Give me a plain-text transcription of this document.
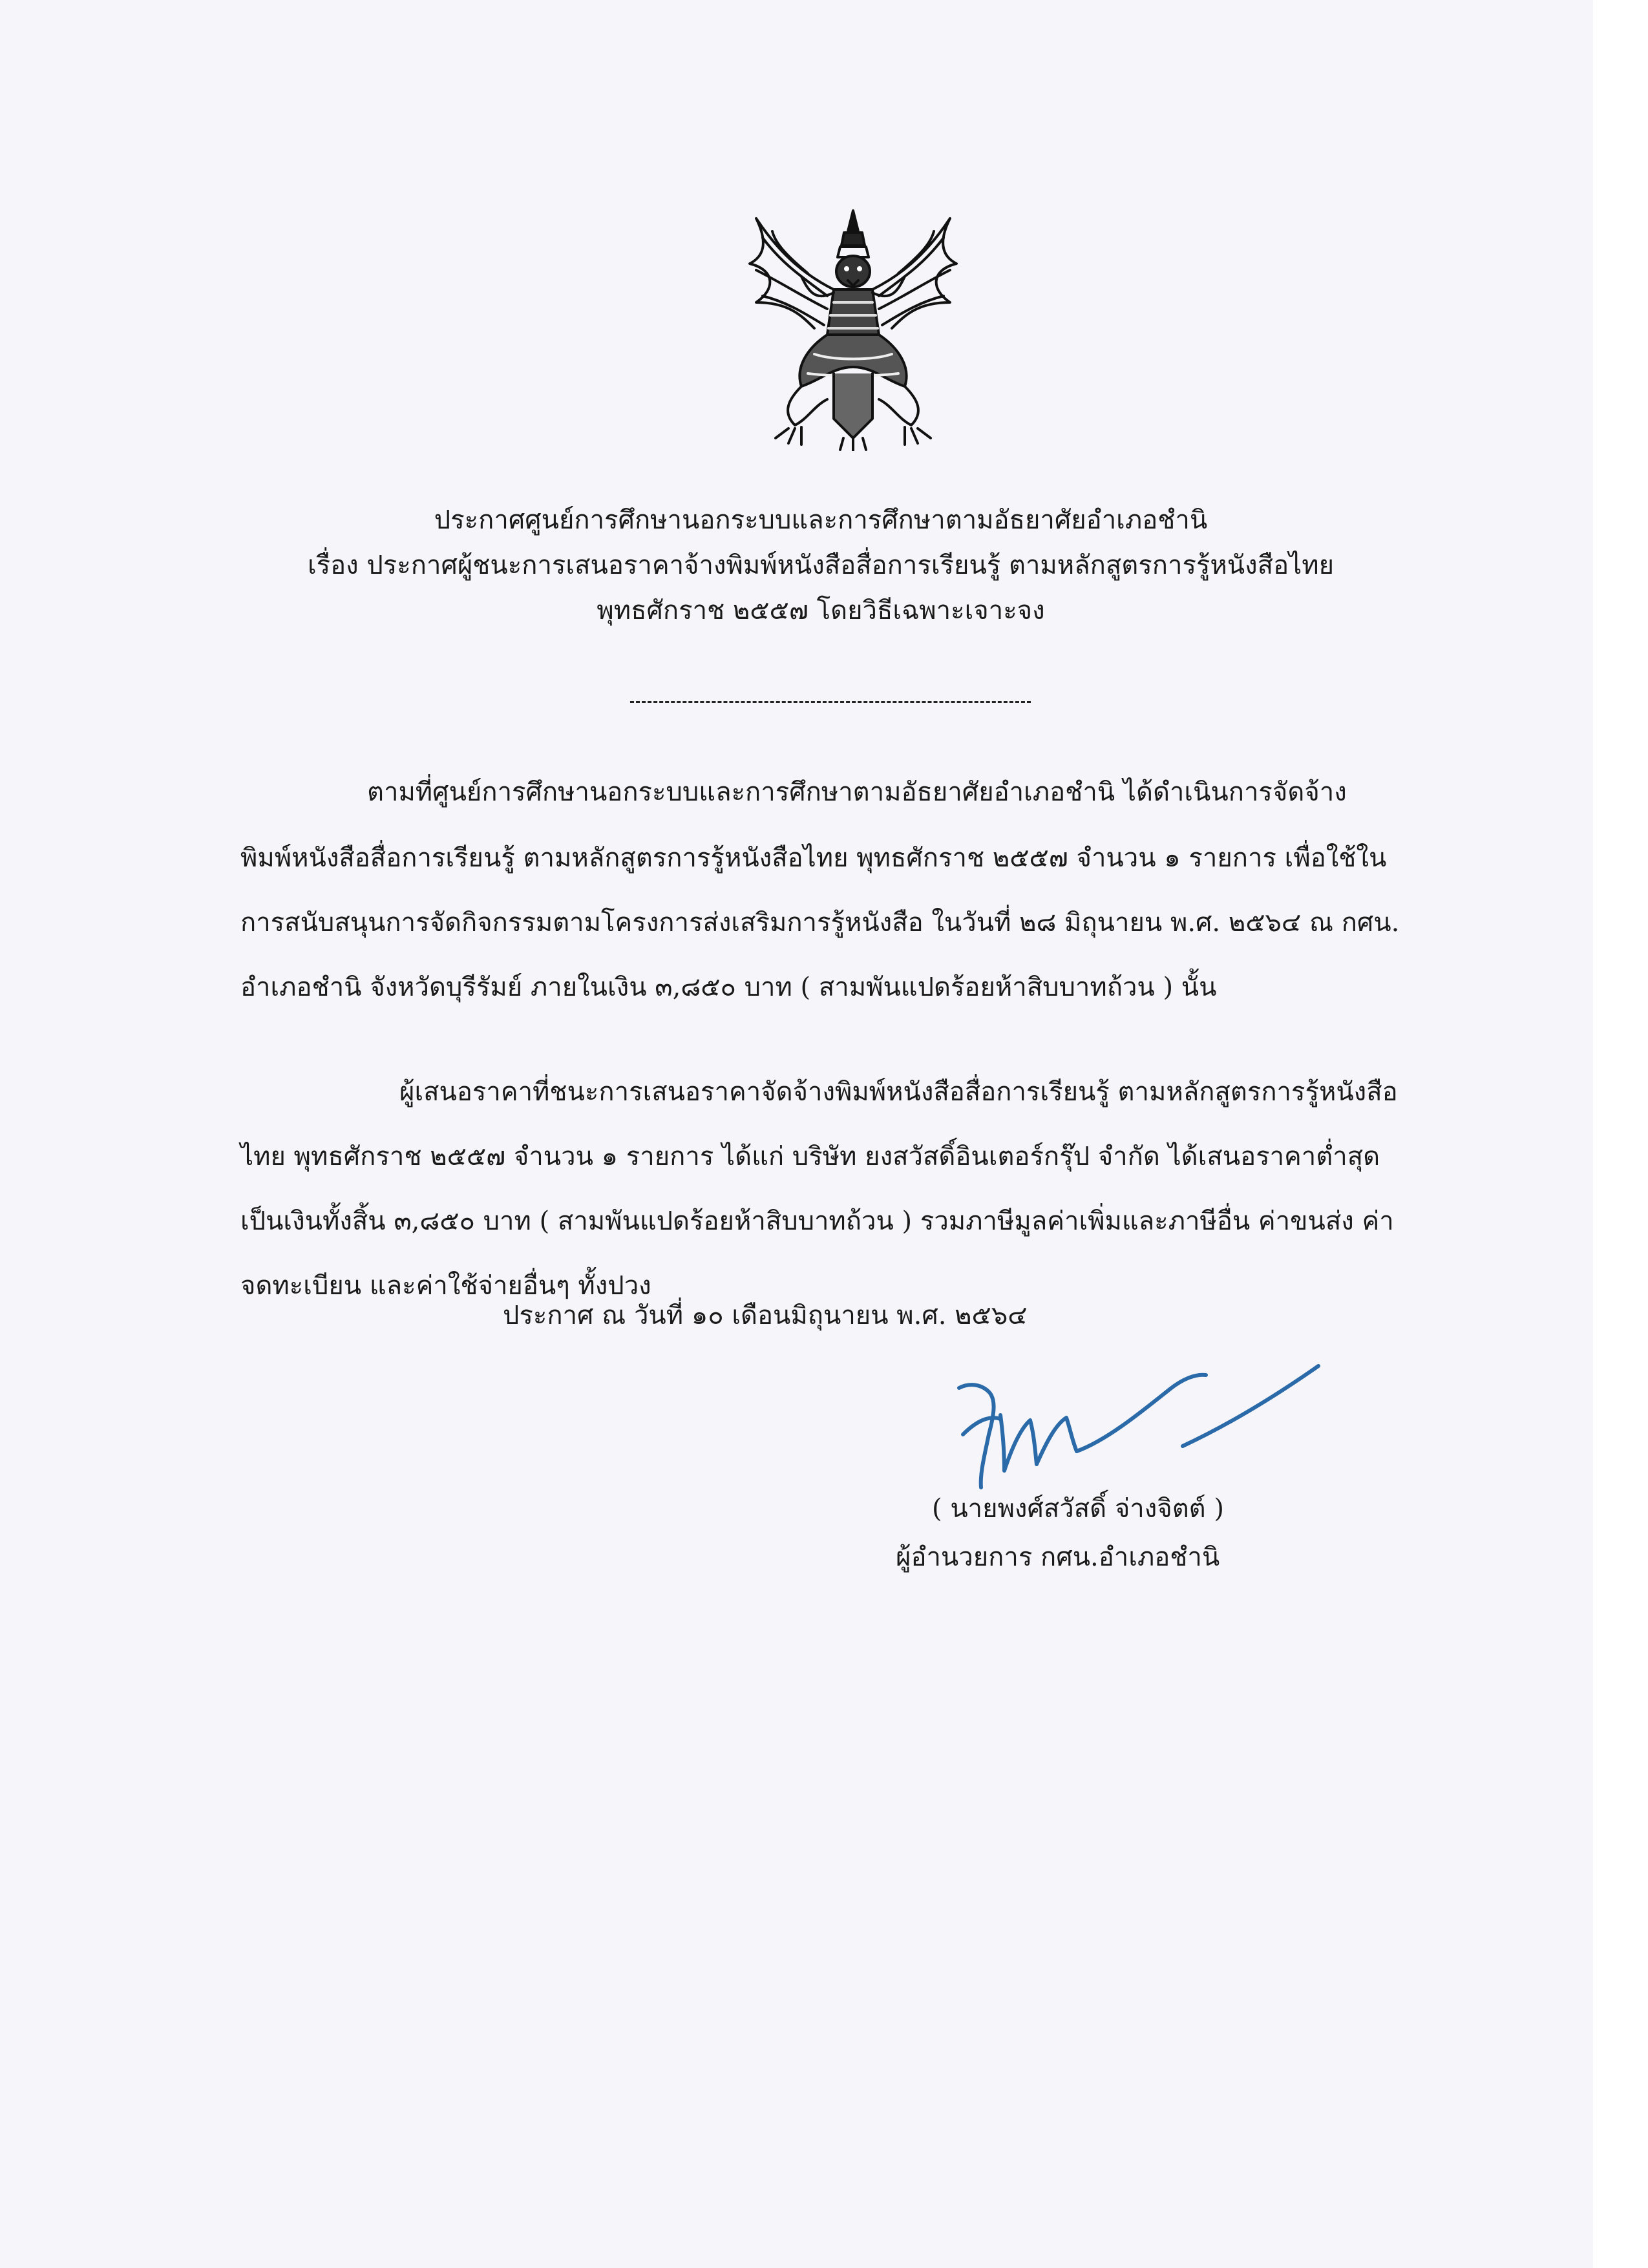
ประกาศศูนย์การศึกษานอกระบบและการศึกษาตามอัธยาศัยอำเภอชำนิ
เรื่อง ประกาศผู้ชนะการเสนอราคาจ้างพิมพ์หนังสือสื่อการเรียนรู้ ตามหลักสูตรการรู้หนังสือไทย
พุทธศักราช ๒๕๕๗ โดยวิธีเฉพาะเจาะจง
ตามที่ศูนย์การศึกษานอกระบบและการศึกษาตามอัธยาศัยอำเภอชำนิ ได้ดำเนินการจัดจ้าง
พิมพ์หนังสือสื่อการเรียนรู้ ตามหลักสูตรการรู้หนังสือไทย พุทธศักราช ๒๕๕๗ จำนวน ๑ รายการ เพื่อใช้ใน
การสนับสนุนการจัดกิจกรรมตามโครงการส่งเสริมการรู้หนังสือ ในวันที่ ๒๘ มิถุนายน พ.ศ. ๒๕๖๔ ณ กศน.
อำเภอชำนิ จังหวัดบุรีรัมย์ ภายในเงิน ๓,๘๕๐ บาท ( สามพันแปดร้อยห้าสิบบาทถ้วน ) นั้น
ผู้เสนอราคาที่ชนะการเสนอราคาจัดจ้างพิมพ์หนังสือสื่อการเรียนรู้ ตามหลักสูตรการรู้หนังสือ
ไทย พุทธศักราช ๒๕๕๗ จำนวน ๑ รายการ ได้แก่ บริษัท ยงสวัสดิ์อินเตอร์กรุ๊ป จำกัด ได้เสนอราคาต่ำสุด
เป็นเงินทั้งสิ้น ๓,๘๕๐ บาท ( สามพันแปดร้อยห้าสิบบาทถ้วน ) รวมภาษีมูลค่าเพิ่มและภาษีอื่น ค่าขนส่ง ค่า
จดทะเบียน และค่าใช้จ่ายอื่นๆ ทั้งปวง
ประกาศ ณ วันที่ ๑๐ เดือนมิถุนายน พ.ศ. ๒๕๖๔
( นายพงศ์สวัสดิ์ จ่างจิตต์ )
ผู้อำนวยการ กศน.อำเภอชำนิ
